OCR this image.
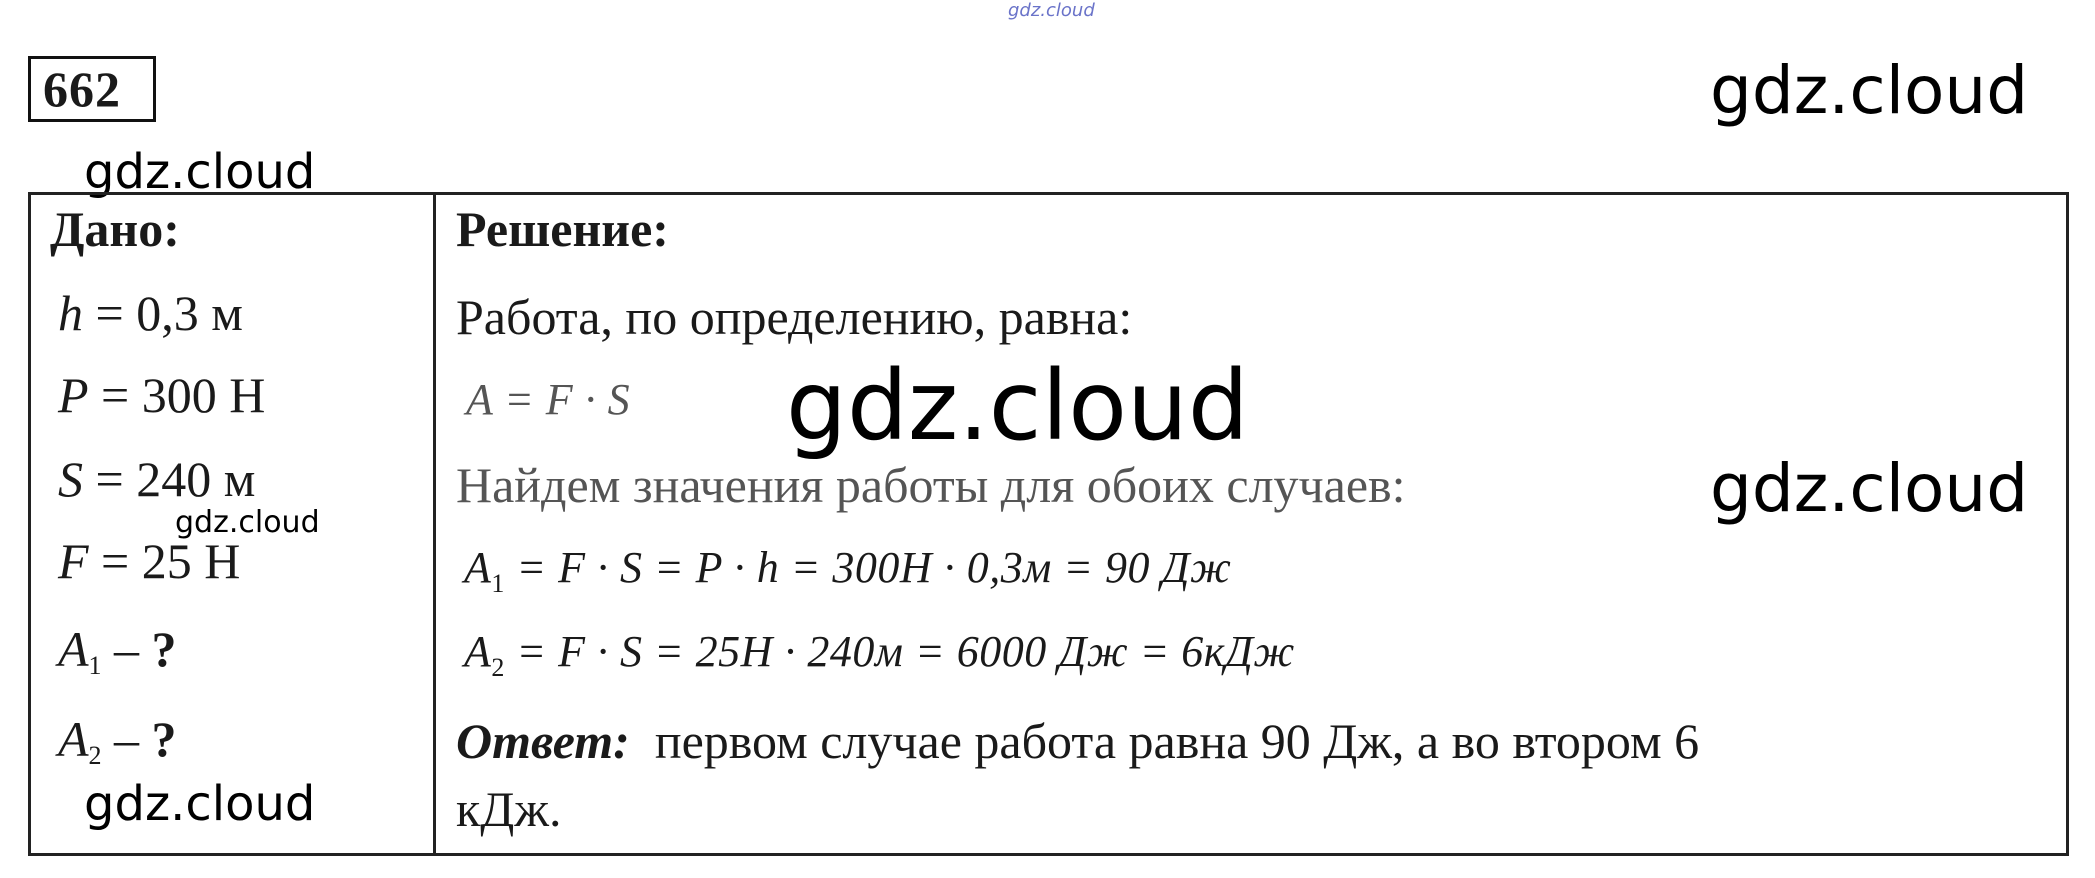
gdz.cloud
662	gdz.cloud
gdz.cloud
Дано:
h = 0,3 м
P = 300 Н
S = 240 м
gdz.cloud
F = 25 Н
$A_1$ – ?
$A_2$ – ?
gdz.cloud
Решение:
Работа, по определению, равна:
A = F · S gdz.cloud
Найдем значения работы для обоих случаев:	gdz.cloud
$A_1 = F \cdot S = P \cdot h = 300Н \cdot 0,3м = 90$ Дж
$A_2 = F \cdot S = 25Н \cdot 240м = 6000$ Дж = 6кДж
Ответ: первом случае работа равна 90 Дж, а во втором 6
кДж.
